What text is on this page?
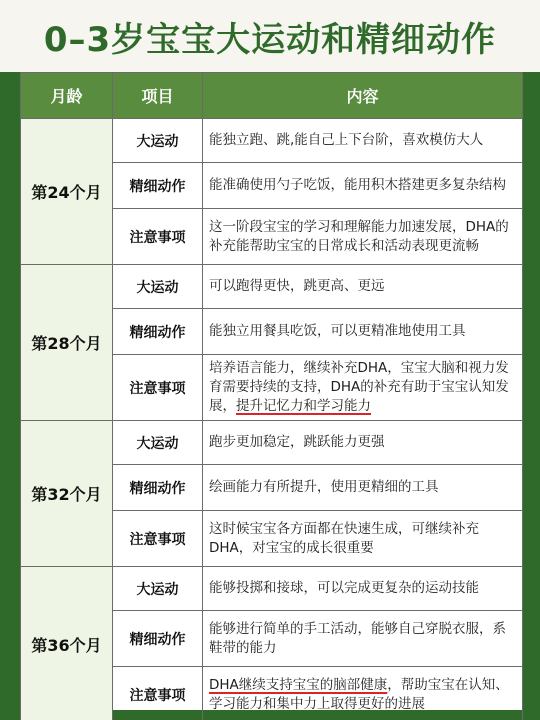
0–3岁宝宝大运动和精细动作
月龄	项目	内容
第24个月	大运动	能独立跑、跳,能自己上下台阶，喜欢模仿大人
	精细动作	能准确使用勺子吃饭，能用积木搭建更多复杂结构
	注意事项	这一阶段宝宝的学习和理解能力加速发展，DHA的补充能帮助宝宝的日常成长和活动表现更流畅
第28个月	大运动	可以跑得更快，跳更高、更远
	精细动作	能独立用餐具吃饭，可以更精准地使用工具
	注意事项	培养语言能力，继续补充DHA，宝宝大脑和视力发育需要持续的支持，DHA的补充有助于宝宝认知发展，提升记忆力和学习能力
第32个月	大运动	跑步更加稳定，跳跃能力更强
	精细动作	绘画能力有所提升，使用更精细的工具
	注意事项	这时候宝宝各方面都在快速生成，可继续补充DHA，对宝宝的成长很重要
第36个月	大运动	能够投掷和接球，可以完成更复杂的运动技能
	精细动作	能够进行简单的手工活动，能够自己穿脱衣服，系鞋带的能力
	注意事项	DHA继续支持宝宝的脑部健康，帮助宝宝在认知、学习能力和集中力上取得更好的进展
